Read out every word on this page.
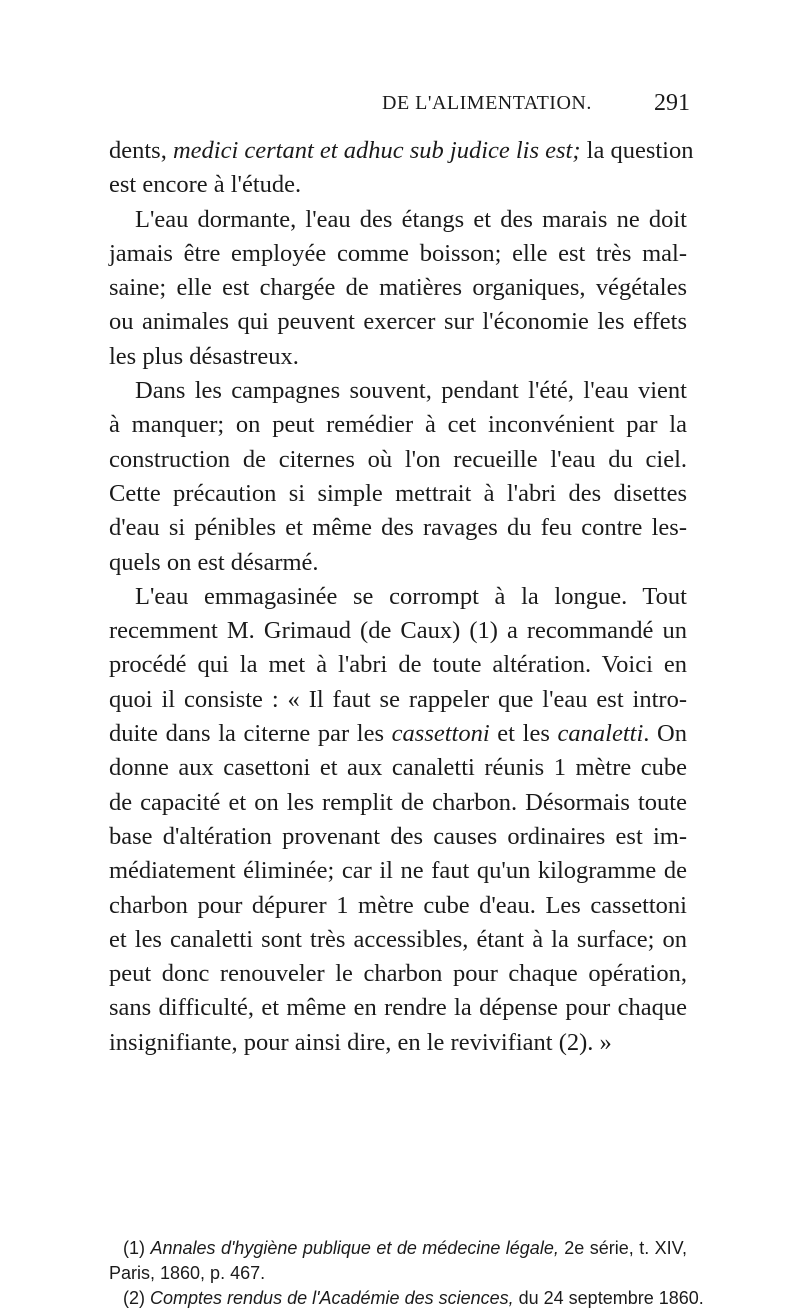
DE L'ALIMENTATION.	291
dents, medici certant et adhuc sub judice lis est; la question
est encore à l'étude.
L'eau dormante, l'eau des étangs et des marais ne doit
jamais être employée comme boisson; elle est très mal-
saine; elle est chargée de matières organiques, végétales
ou animales qui peuvent exercer sur l'économie les effets
les plus désastreux.
Dans les campagnes souvent, pendant l'été, l'eau vient
à manquer; on peut remédier à cet inconvénient par la
construction de citernes où l'on recueille l'eau du ciel.
Cette précaution si simple mettrait à l'abri des disettes
d'eau si pénibles et même des ravages du feu contre les-
quels on est désarmé.
L'eau emmagasinée se corrompt à la longue. Tout
recemment M. Grimaud (de Caux) (1) a recommandé un
procédé qui la met à l'abri de toute altération. Voici en
quoi il consiste : « Il faut se rappeler que l'eau est intro-
duite dans la citerne par les cassettoni et les canaletti. On
donne aux casettoni et aux canaletti réunis 1 mètre cube
de capacité et on les remplit de charbon. Désormais toute
base d'altération provenant des causes ordinaires est im-
médiatement éliminée; car il ne faut qu'un kilogramme de
charbon pour dépurer 1 mètre cube d'eau. Les cassettoni
et les canaletti sont très accessibles, étant à la surface; on
peut donc renouveler le charbon pour chaque opération,
sans difficulté, et même en rendre la dépense pour chaque
insignifiante, pour ainsi dire, en le revivifiant (2). »
(1) Annales d'hygiène publique et de médecine légale, 2e série, t. XIV,
Paris, 1860, p. 467.
(2) Comptes rendus de l'Académie des sciences, du 24 septembre 1860.
